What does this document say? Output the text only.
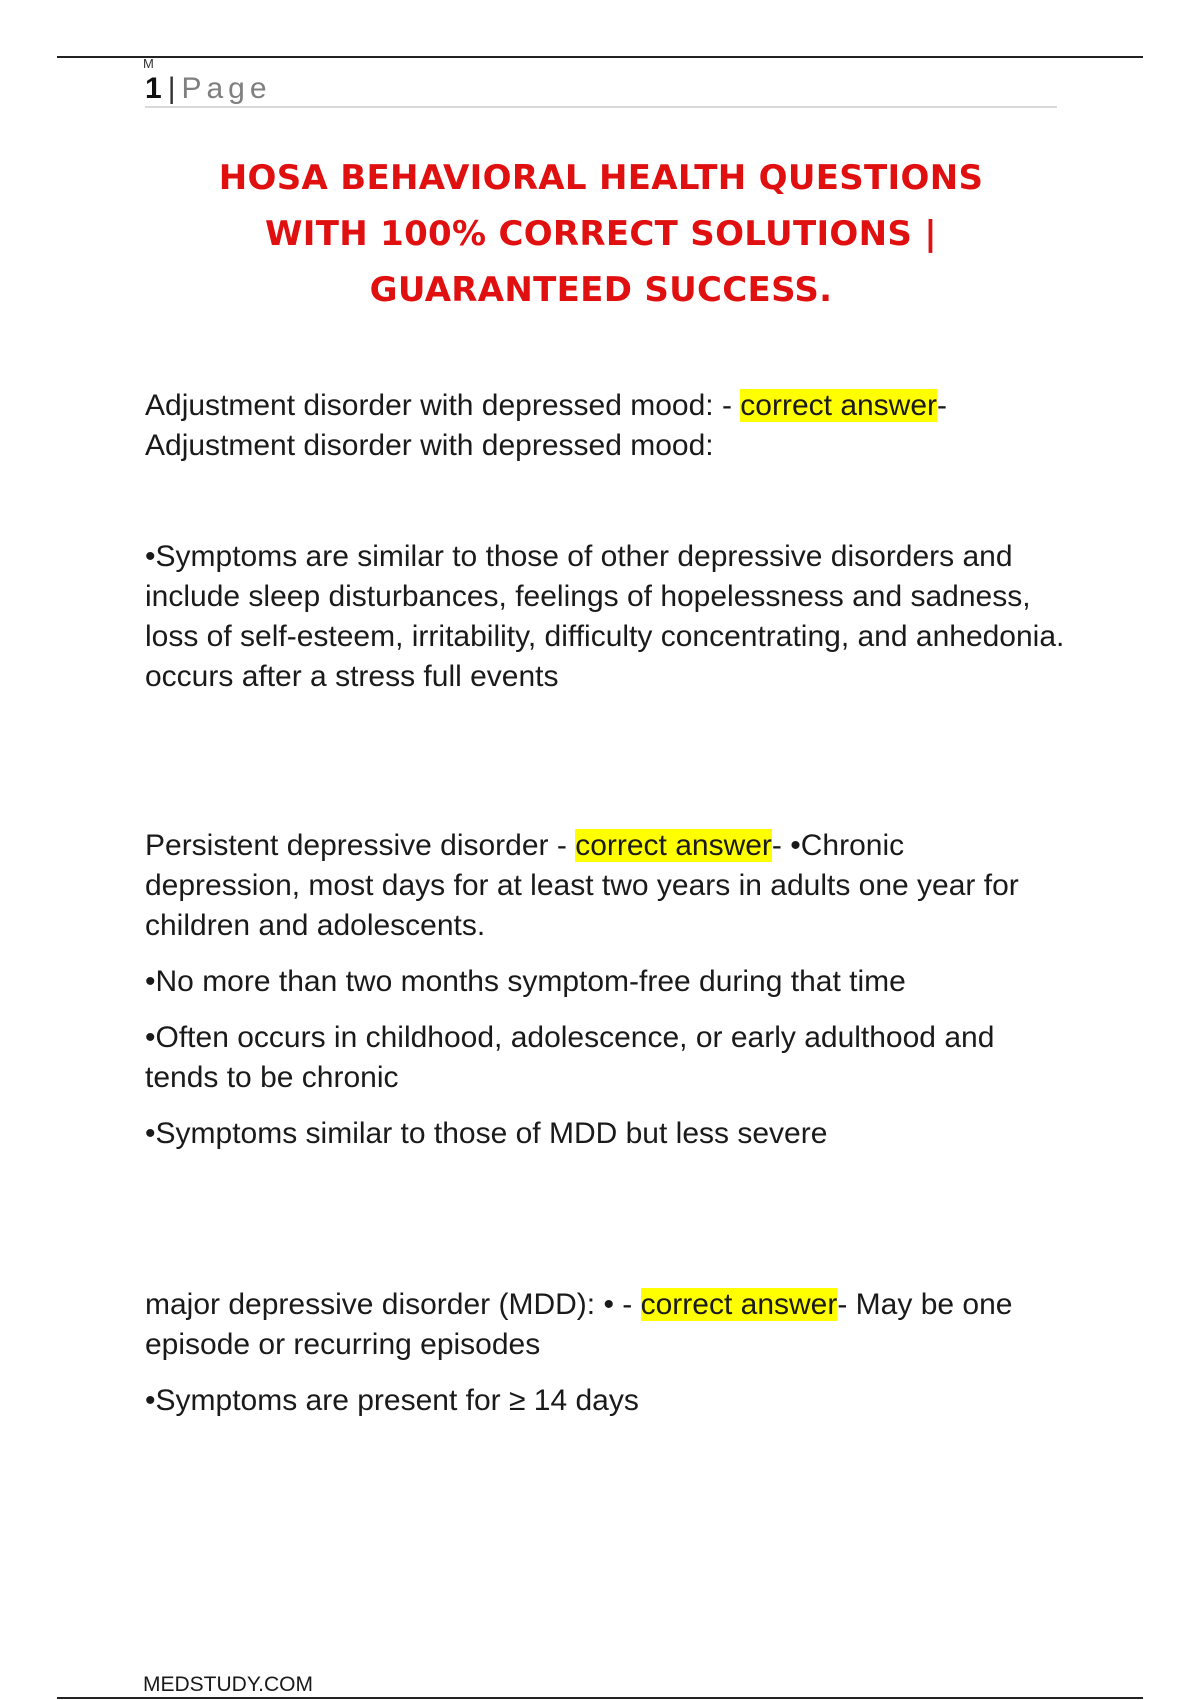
M
1 | Page
HOSA BEHAVIORAL HEALTH QUESTIONS
WITH 100% CORRECT SOLUTIONS |
GUARANTEED SUCCESS.

Adjustment disorder with depressed mood: - correct answer- Adjustment disorder with depressed mood:

•Symptoms are similar to those of other depressive disorders and include sleep disturbances, feelings of hopelessness and sadness, loss of self-esteem, irritability, difficulty concentrating, and anhedonia. occurs after a stress full events

Persistent depressive disorder - correct answer- •Chronic depression, most days for at least two years in adults one year for children and adolescents.

•No more than two months symptom-free during that time

•Often occurs in childhood, adolescence, or early adulthood and tends to be chronic

•Symptoms similar to those of MDD but less severe

major depressive disorder (MDD): • - correct answer- May be one episode or recurring episodes

•Symptoms are present for ≥ 14 days

MEDSTUDY.COM
